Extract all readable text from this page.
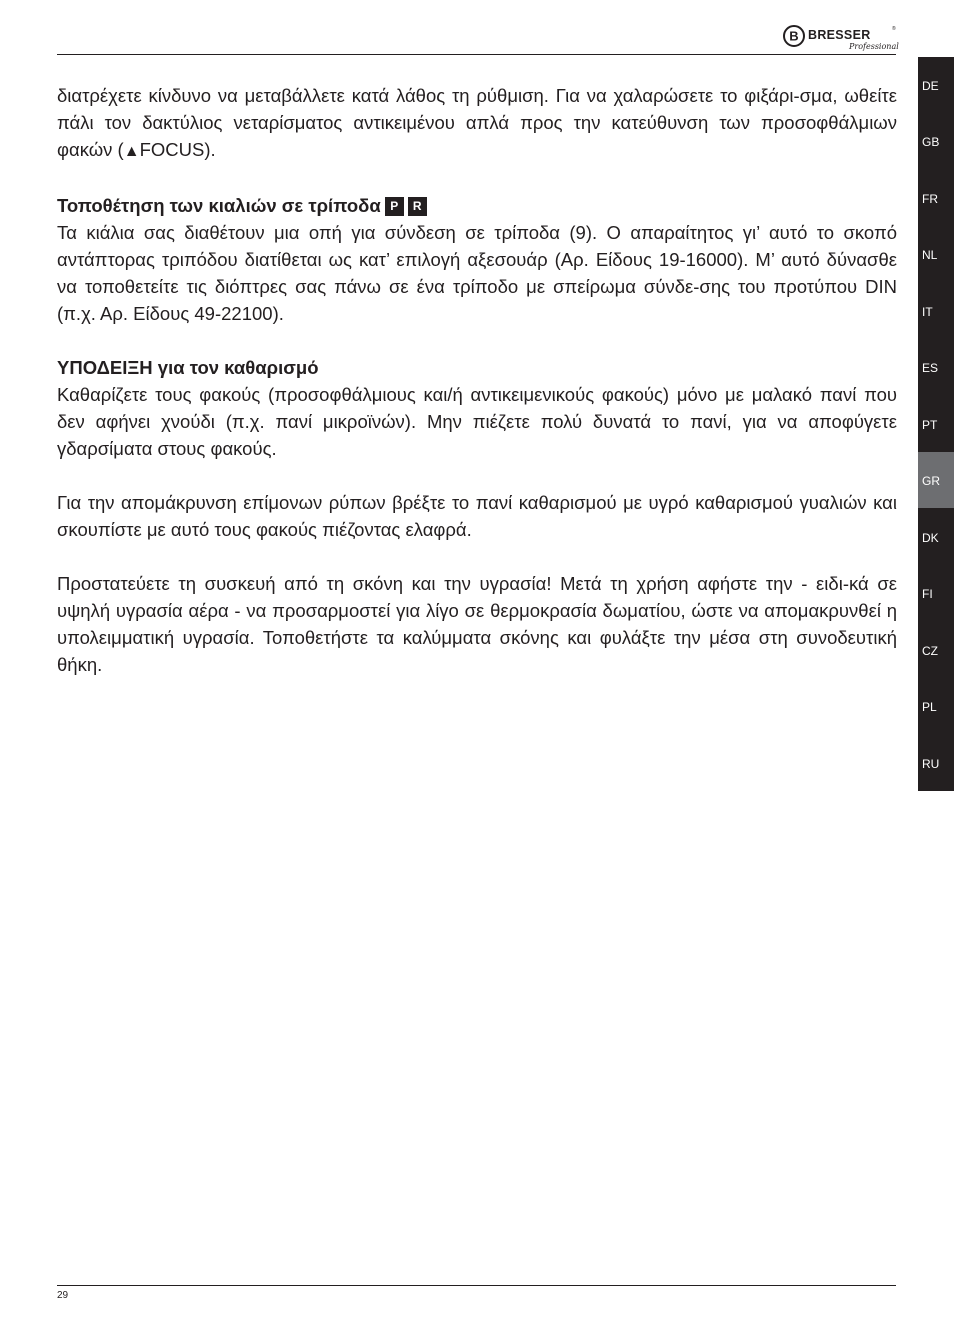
B BRESSER	®
Professional
DE
GB
FR
NL
IT
ES
PT
GR
DK
FI
CZ
PL
RU

διατρέχετε κίνδυνο να μεταβάλλετε κατά λάθος τη ρύθμιση. Για να χαλαρώσετε το φιξάρι-σμα, ωθείτε πάλι τον δακτύλιος νεταρίσματος αντικειμένου απλά προς την κατεύθυνση των προσοφθάλμιων φακών (▲FOCUS).

Τοποθέτηση των κιαλιών σε τρίποδα P R

Τα κιάλια σας διαθέτουν μια οπή για σύνδεση σε τρίποδα (9). Ο απαραίτητος γι’ αυτό το σκοπό αντάπτορας τριπόδου διατίθεται ως κατ’ επιλογή αξεσουάρ (Αρ. Είδους 19-16000). Μ’ αυτό δύνασθε να τοποθετείτε τις διόπτρες σας πάνω σε ένα τρίποδο με σπείρωμα σύνδε-σης του προτύπου DIN (π.χ. Αρ. Είδους 49-22100).

ΥΠΟΔΕΙΞΗ για τον καθαρισμό

Καθαρίζετε τους φακούς (προσοφθάλμιους και/ή αντικειμενικούς φακούς) μόνο με μαλακό πανί που δεν αφήνει χνούδι (π.χ. πανί μικροϊνών). Μην πιέζετε πολύ δυνατά το πανί, για να αποφύγετε γδαρσίματα στους φακούς.

Για την απομάκρυνση επίμονων ρύπων βρέξτε το πανί καθαρισμού με υγρό καθαρισμού γυαλιών και σκουπίστε με αυτό τους φακούς πιέζοντας ελαφρά.

Προστατεύετε τη συσκευή από τη σκόνη και την υγρασία! Μετά τη χρήση αφήστε την - ειδι-κά σε υψηλή υγρασία αέρα - να προσαρμοστεί για λίγο σε θερμοκρασία δωματίου, ώστε να απομακρυνθεί η υπολειμματική υγρασία. Τοποθετήστε τα καλύμματα σκόνης και φυλάξτε την μέσα στη συνοδευτική θήκη.

29
